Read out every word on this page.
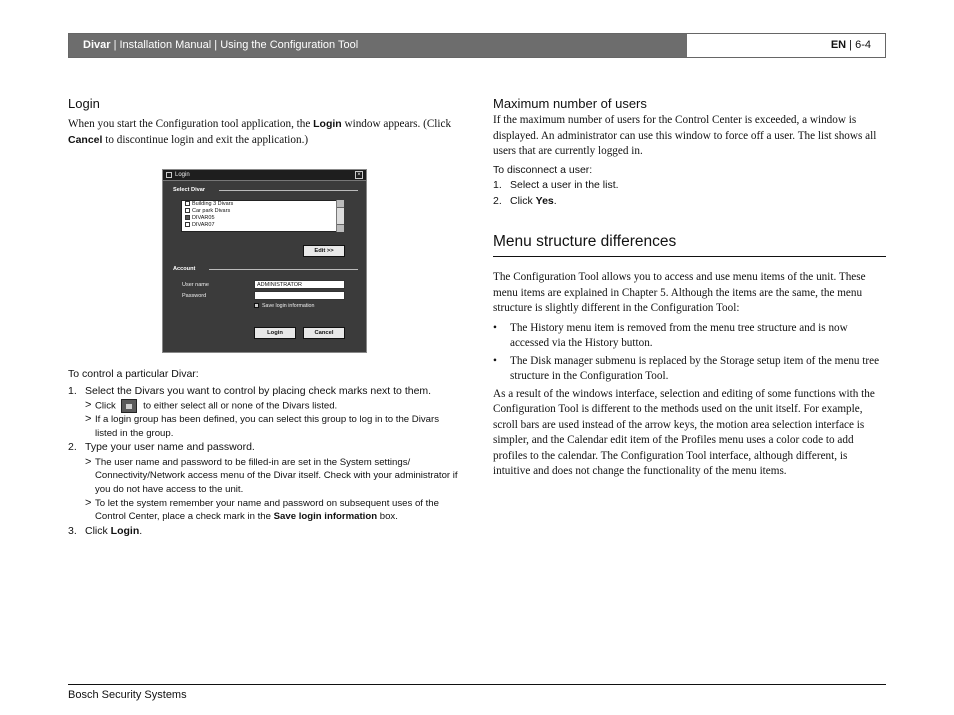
Divar | Installation Manual | Using the Configuration Tool	EN | 6-4
Login

When you start the Configuration tool application, the Login window appears. (Click Cancel to discontinue login and exit the application.)

Login	×
Select Divar
Building 3 Divars
Car park Divars
DIVAR05
DIVAR07
Edit >>
Account
User name	ADMINISTRATOR
Password
Save login information
Login	Cancel

To control a particular Divar:

1. Select the Divars you want to control by placing check marks next to them.
> Click  to either select all or none of the Divars listed.
> If a login group has been defined, you can select this group to log in to the Divars listed in the group.
2. Type your user name and password.
> The user name and password to be filled-in are set in the System settings/ Connectivity/Network access menu of the Divar itself. Check with your administrator if you do not have access to the unit.
> To let the system remember your name and password on subsequent uses of the Control Center, place a check mark in the Save login information box.
3. Click Login.
Maximum number of users

If the maximum number of users for the Control Center is exceeded, a window is displayed. An administrator can use this window to force off a user. The list shows all users that are currently logged in.

To disconnect a user:

1. Select a user in the list.
2. Click Yes.
Menu structure differences

The Configuration Tool allows you to access and use menu items of the unit. These menu items are explained in Chapter 5. Although the items are the same, the menu structure is slightly different in the Configuration Tool:

• The History menu item is removed from the menu tree structure and is now accessed via the History button.
• The Disk manager submenu is replaced by the Storage setup item of the menu tree structure in the Configuration Tool.

As a result of the windows interface, selection and editing of some functions with the Configuration Tool is different to the methods used on the unit itself. For example, scroll bars are used instead of the arrow keys, the motion area selection interface is simpler, and the Calendar edit item of the Profiles menu uses a color code to add profiles to the calendar. The Configuration Tool interface, although different, is intuitive and does not change the functionality of the menu items.

Bosch Security Systems
